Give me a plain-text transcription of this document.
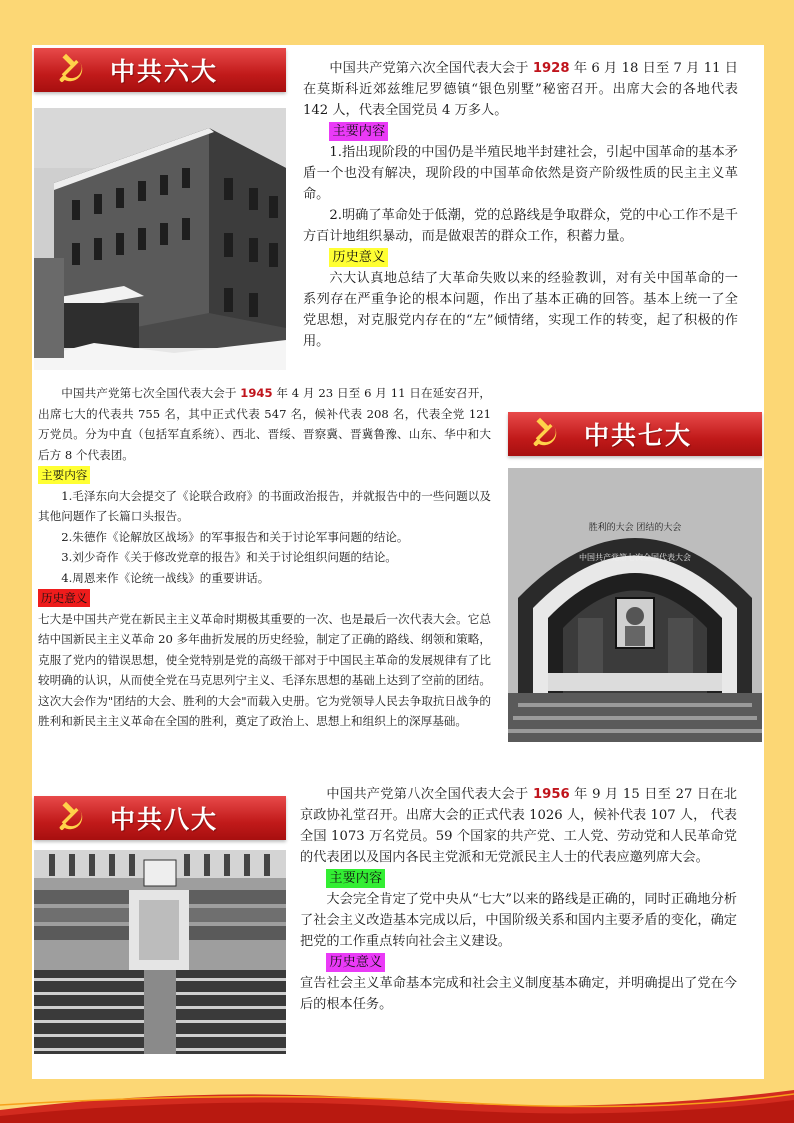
中共六大	中国共产党第六次全国代表大会于 1928 年 6 月 18 日至 7 月 11 日在莫斯科近郊兹维尼罗德镇“银色别墅”秘密召开。出席大会的各地代表 142 人，代表全国党员 4 万多人。

主要内容

1.指出现阶段的中国仍是半殖民地半封建社会，引起中国革命的基本矛盾一个也没有解决，现阶段的中国革命依然是资产阶级性质的民主主义革命。

2.明确了革命处于低潮，党的总路线是争取群众，党的中心工作不是千方百计地组织暴动，而是做艰苦的群众工作，积蓄力量。

历史意义

六大认真地总结了大革命失败以来的经验教训，对有关中国革命的一系列存在严重争论的根本问题，作出了基本正确的回答。基本上统一了全党思想，对克服党内存在的“左”倾情绪，实现工作的转变，起了积极的作用。

中国共产党第七次全国代表大会于 1945 年 4 月 23 日至 6 月 11 日在延安召开，出席七大的代表共 755 名，其中正式代表 547 名，候补代表 208 名，代表全党 121 万党员。分为中直（包括军直系统）、西北、晋绥、晋察冀、晋冀鲁豫、山东、华中和大后方 8 个代表团。

主要内容

1.毛泽东向大会提交了《论联合政府》的书面政治报告，并就报告中的一些问题以及其他问题作了长篇口头报告。

2.朱德作《论解放区战场》的军事报告和关于讨论军事问题的结论。

3.刘少奇作《关于修改党章的报告》和关于讨论组织问题的结论。

4.周恩来作《论统一战线》的重要讲话。

历史意义

七大是中国共产党在新民主主义革命时期极其重要的一次、也是最后一次代表大会。它总结中国新民主主义革命 20 多年曲折发展的历史经验，制定了正确的路线、纲领和策略，克服了党内的错误思想，使全党特别是党的高级干部对于中国民主革命的发展规律有了比较明确的认识，从而使全党在马克思列宁主义、毛泽东思想的基础上达到了空前的团结。这次大会作为"团结的大会、胜利的大会"而载入史册。它为党领导人民去争取抗日战争的胜利和新民主主义革命在全国的胜利，奠定了政治上、思想上和组织上的深厚基础。

中共七大
胜利的大会 团结的大会
中国共产党第七次全国代表大会
中共八大

中国共产党第八次全国代表大会于 1956 年 9 月 15 日至 27 日在北京政协礼堂召开。出席大会的正式代表 1026 人，候补代表 107 人， 代表全国 1073 万名党员。59 个国家的共产党、工人党、劳动党和人民革命党的代表团以及国内各民主党派和无党派民主人士的代表应邀列席大会。

主要内容

大会完全肯定了党中央从“七大”以来的路线是正确的，同时正确地分析了社会主义改造基本完成以后，中国阶级关系和国内主要矛盾的变化，确定把党的工作重点转向社会主义建设。

历史意义

宣告社会主义革命基本完成和社会主义制度基本确定，并明确提出了党在今后的根本任务。
